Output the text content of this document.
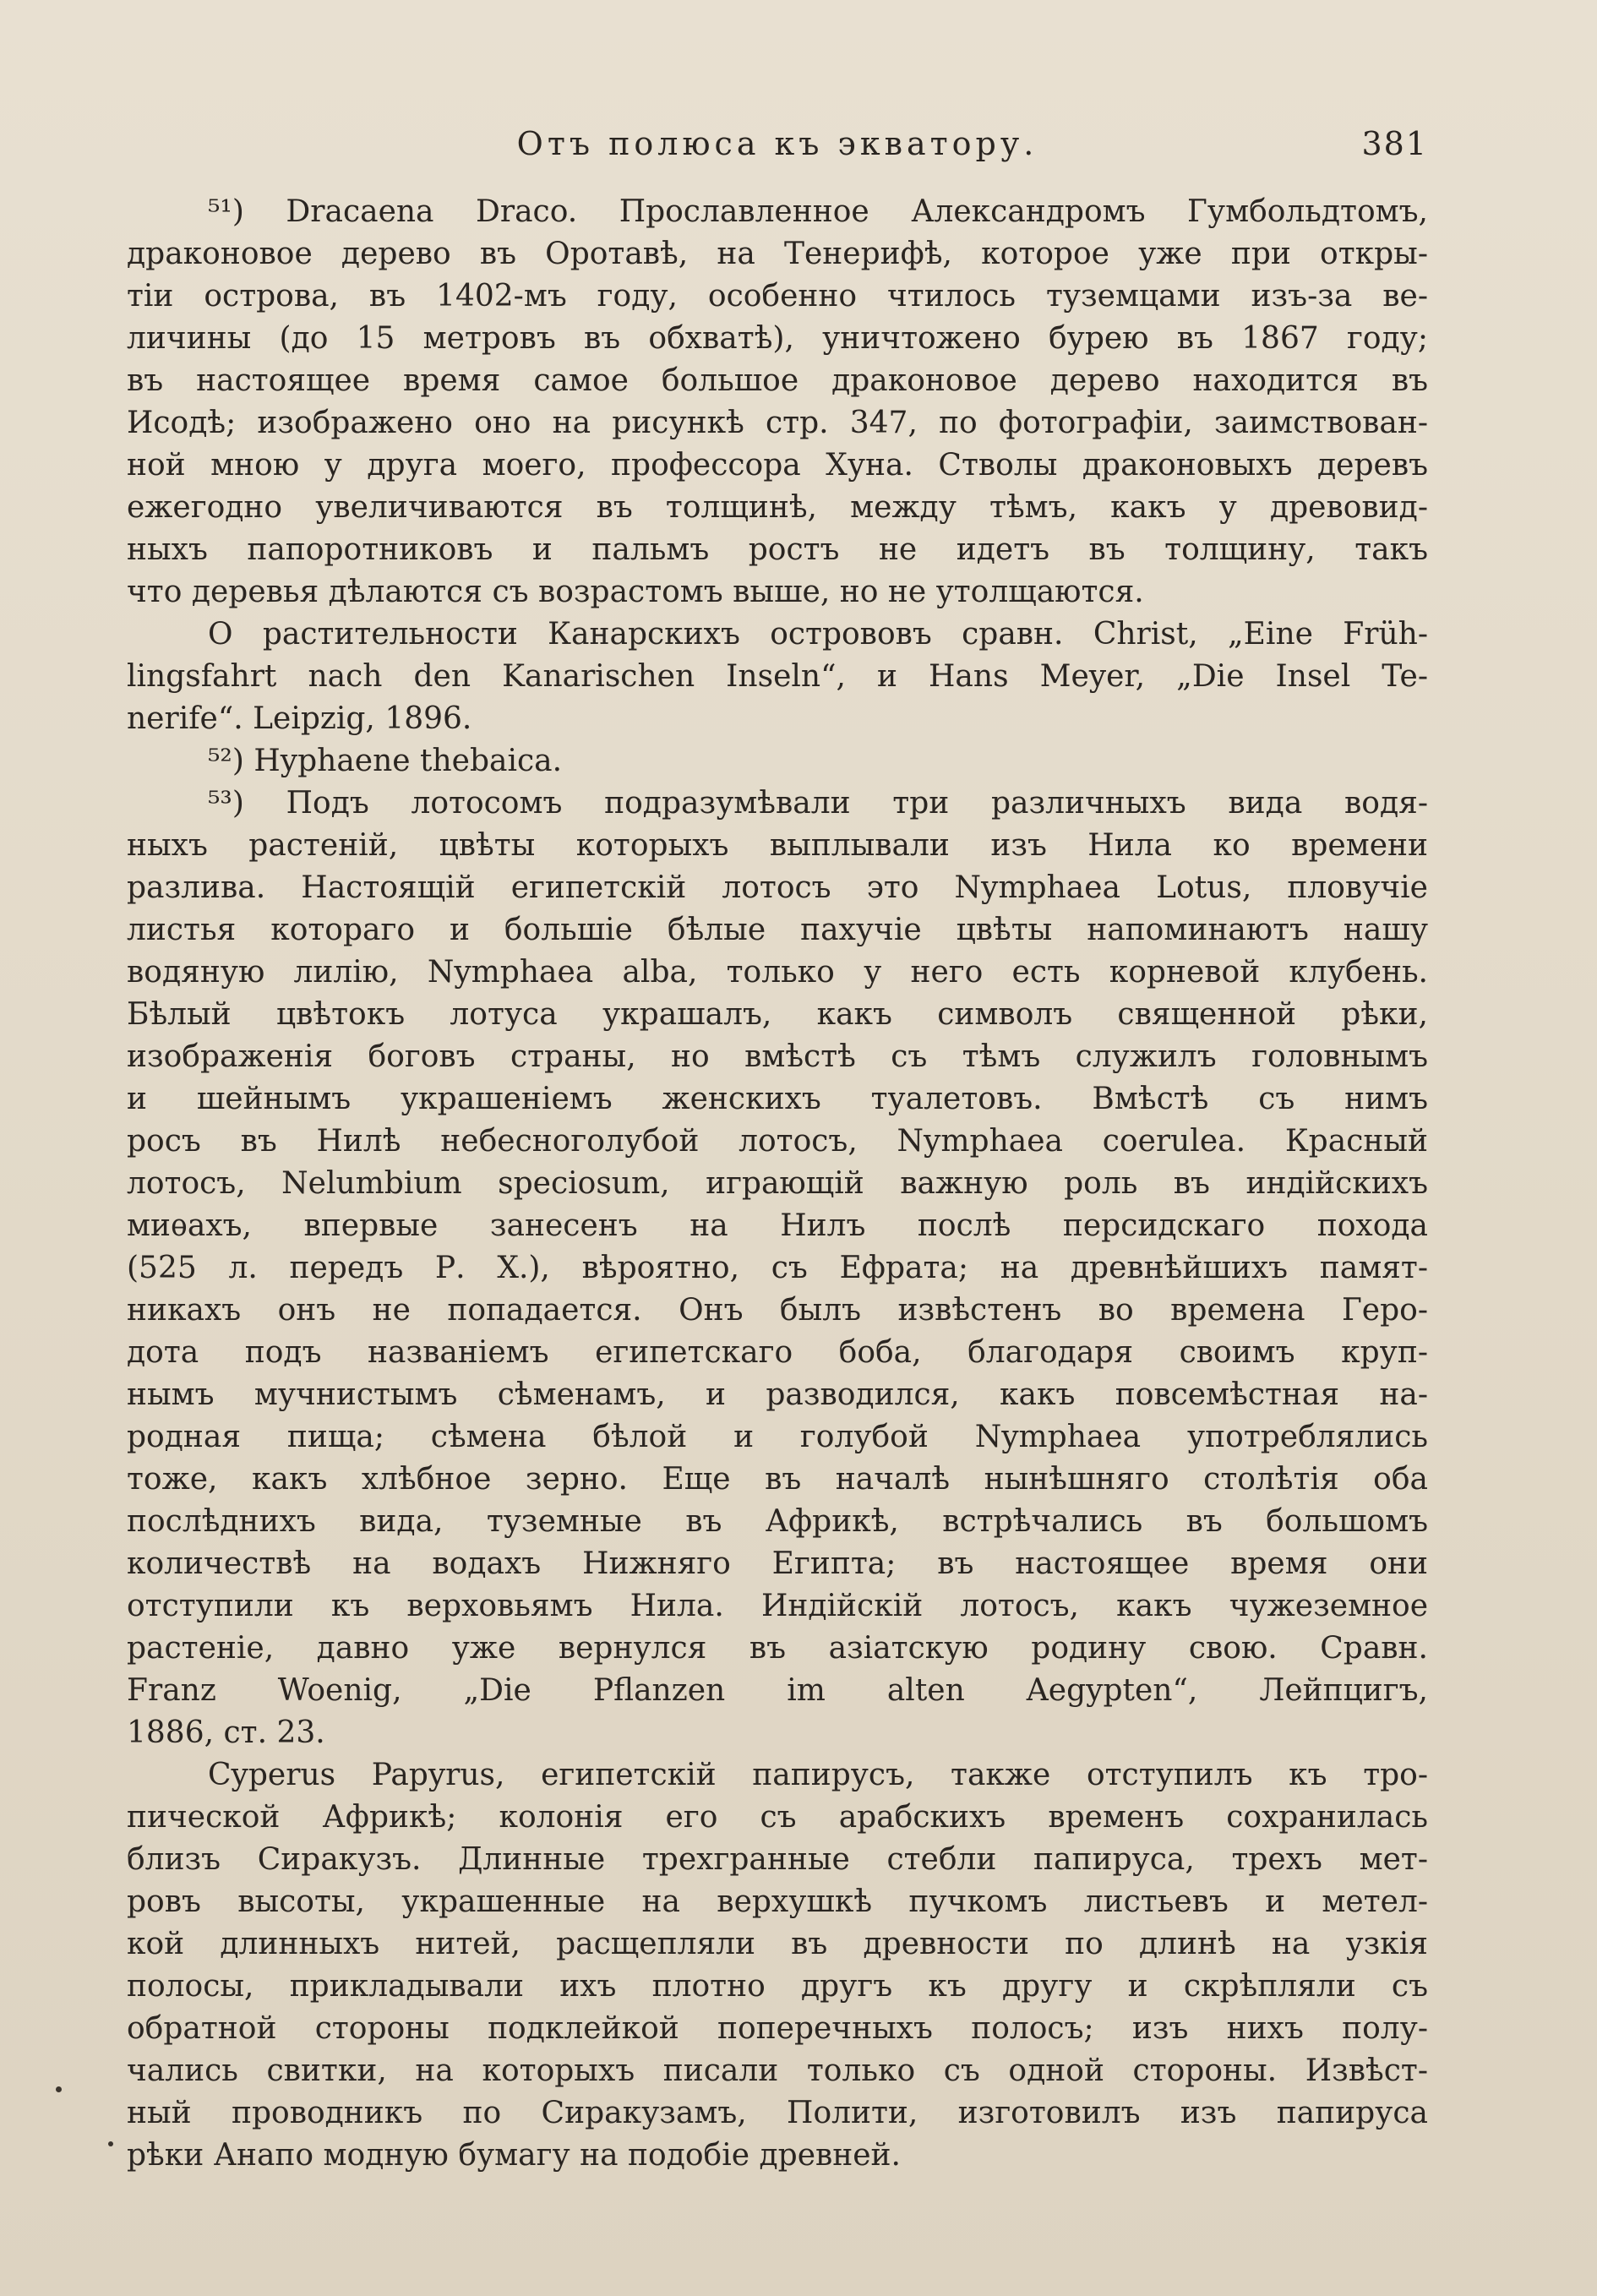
Отъ полюса къ экватору.	381
⁵¹) Dracaena Draco. Прославленное Александромъ Гумбольдтомъ,
драконовое дерево въ Оротавѣ, на Тенерифѣ, которое уже при откры-
тіи острова, въ 1402-мъ году, особенно чтилось туземцами изъ-за ве-
личины (до 15 метровъ въ обхватѣ), уничтожено бурею въ 1867 году;
въ настоящее время самое большое драконовое дерево находится въ
Исодѣ; изображено оно на рисункѣ стр. 347, по фотографіи, заимствован-
ной мною у друга моего, профессора Хуна. Стволы драконовыхъ деревъ
ежегодно увеличиваются въ толщинѣ, между тѣмъ, какъ у древовид-
ныхъ папоротниковъ и пальмъ ростъ не идетъ въ толщину, такъ
что деревья дѣлаются съ возрастомъ выше, но не утолщаются.
О растительности Канарскихъ острововъ сравн. Christ, „Eine Früh-
lingsfahrt nach den Kanarischen Inseln“, и Hans Meyer, „Die Insel Te-
nerife“. Leipzig, 1896.
⁵²) Hyphaene thebaica.
⁵³) Подъ лотосомъ подразумѣвали три различныхъ вида водя-
ныхъ растеній, цвѣты которыхъ выплывали изъ Нила ко времени
разлива. Настоящій египетскій лотосъ это Nymphaea Lotus, пловучіе
листья котораго и большіе бѣлые пахучіе цвѣты напоминаютъ нашу
водяную лилію, Nymphaea alba, только у него есть корневой клубень.
Бѣлый цвѣтокъ лотуса украшалъ, какъ символъ священной рѣки,
изображенія боговъ страны, но вмѣстѣ съ тѣмъ служилъ головнымъ
и шейнымъ украшеніемъ женскихъ туалетовъ. Вмѣстѣ съ нимъ
росъ въ Нилѣ небесноголубой лотосъ, Nymphaea coerulea. Красный
лотосъ, Nelumbium speciosum, играющій важную роль въ индійскихъ
миѳахъ, впервые занесенъ на Нилъ послѣ персидскаго похода
(525 л. передъ Р. Х.), вѣроятно, съ Ефрата; на древнѣйшихъ памят-
никахъ онъ не попадается. Онъ былъ извѣстенъ во времена Геро-
дота подъ названіемъ египетскаго боба, благодаря своимъ круп-
нымъ мучнистымъ сѣменамъ, и разводился, какъ повсемѣстная на-
родная пища; сѣмена бѣлой и голубой Nymphaea употреблялись
тоже, какъ хлѣбное зерно. Еще въ началѣ нынѣшняго столѣтія оба
послѣднихъ вида, туземные въ Африкѣ, встрѣчались въ большомъ
количествѣ на водахъ Нижняго Египта; въ настоящее время они
отступили къ верховьямъ Нила. Индійскій лотосъ, какъ чужеземное
растеніе, давно уже вернулся въ азіатскую родину свою. Сравн.
Franz Woenig, „Die Pflanzen im alten Aegypten“, Лейпцигъ,
1886, ст. 23.
Cyperus Papyrus, египетскій папирусъ, также отступилъ къ тро-
пической Африкѣ; колонія его съ арабскихъ временъ сохранилась
близъ Сиракузъ. Длинные трехгранные стебли папируса, трехъ мет-
ровъ высоты, украшенные на верхушкѣ пучкомъ листьевъ и метел-
кой длинныхъ нитей, расщепляли въ древности по длинѣ на узкія
полосы, прикладывали ихъ плотно другъ къ другу и скрѣпляли съ
обратной стороны подклейкой поперечныхъ полосъ; изъ нихъ полу-
чались свитки, на которыхъ писали только съ одной стороны. Извѣст-
ный проводникъ по Сиракузамъ, Полити, изготовилъ изъ папируса
рѣки Анапо модную бумагу на подобіе древней.
